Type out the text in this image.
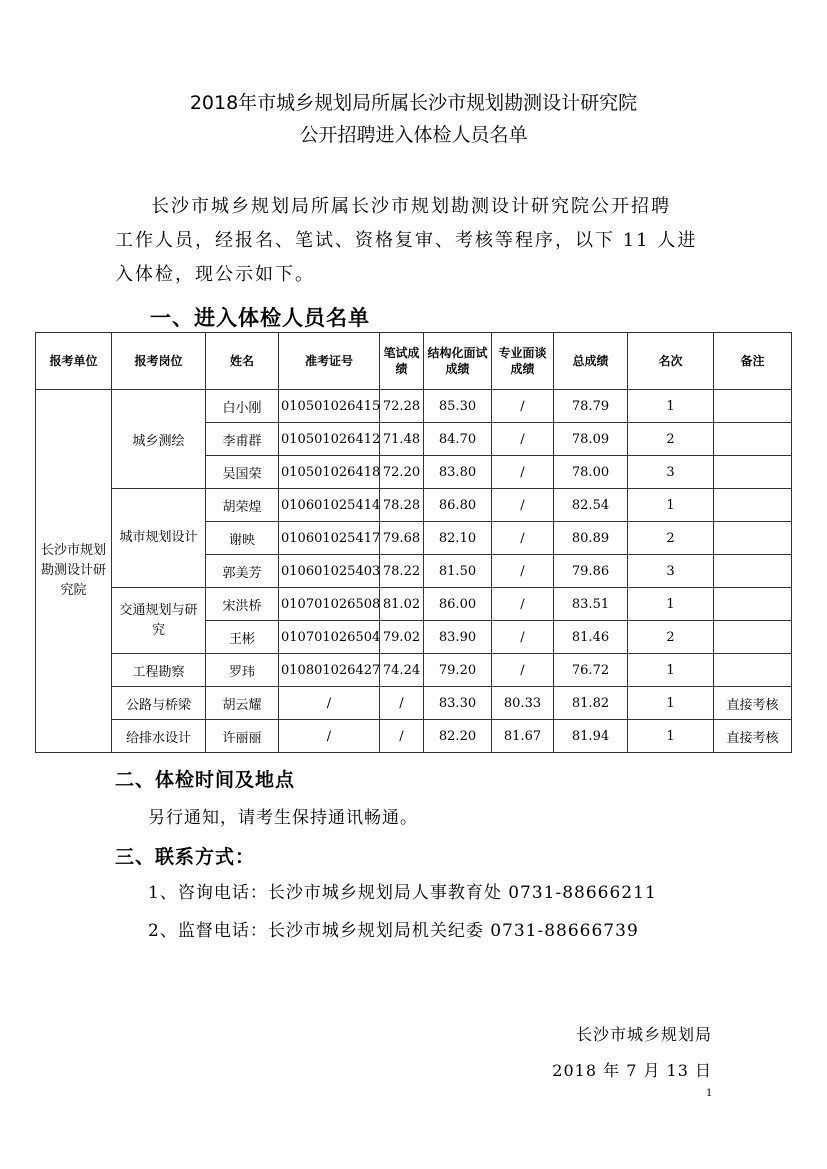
2018年市城乡规划局所属长沙市规划勘测设计研究院
公开招聘进入体检人员名单
长沙市城乡规划局所属长沙市规划勘测设计研究院公开招聘
工作人员，经报名、笔试、资格复审、考核等程序，以下 11 人进
入体检，现公示如下。
一、进入体检人员名单
报考单位	报考岗位	姓名	准考证号	笔试成绩	结构化面试成绩	专业面谈成绩	总成绩	名次	备注
长沙市规划勘测设计研究院	城乡测绘	白小刚	010501026415	72.28	85.30	/	78.79	1	
		李甫群	010501026412	71.48	84.70	/	78.09	2	
		吴国荣	010501026418	72.20	83.80	/	78.00	3	
	城市规划设计	胡荣煌	010601025414	78.28	86.80	/	82.54	1	
		谢映	010601025417	79.68	82.10	/	80.89	2	
		郭美芳	010601025403	78.22	81.50	/	79.86	3	
	交通规划与研究	宋洪桥	010701026508	81.02	86.00	/	83.51	1	
		王彬	010701026504	79.02	83.90	/	81.46	2	
	工程勘察	罗玮	010801026427	74.24	79.20	/	76.72	1	
	公路与桥梁	胡云耀	/	/	83.30	80.33	81.82	1	直接考核
	给排水设计	许丽丽	/	/	82.20	81.67	81.94	1	直接考核
二、体检时间及地点
另行通知，请考生保持通讯畅通。
三、联系方式：
1、咨询电话：长沙市城乡规划局人事教育处 0731-88666211
2、监督电话：长沙市城乡规划局机关纪委 0731-88666739
长沙市城乡规划局
2018 年 7 月 13 日
1
